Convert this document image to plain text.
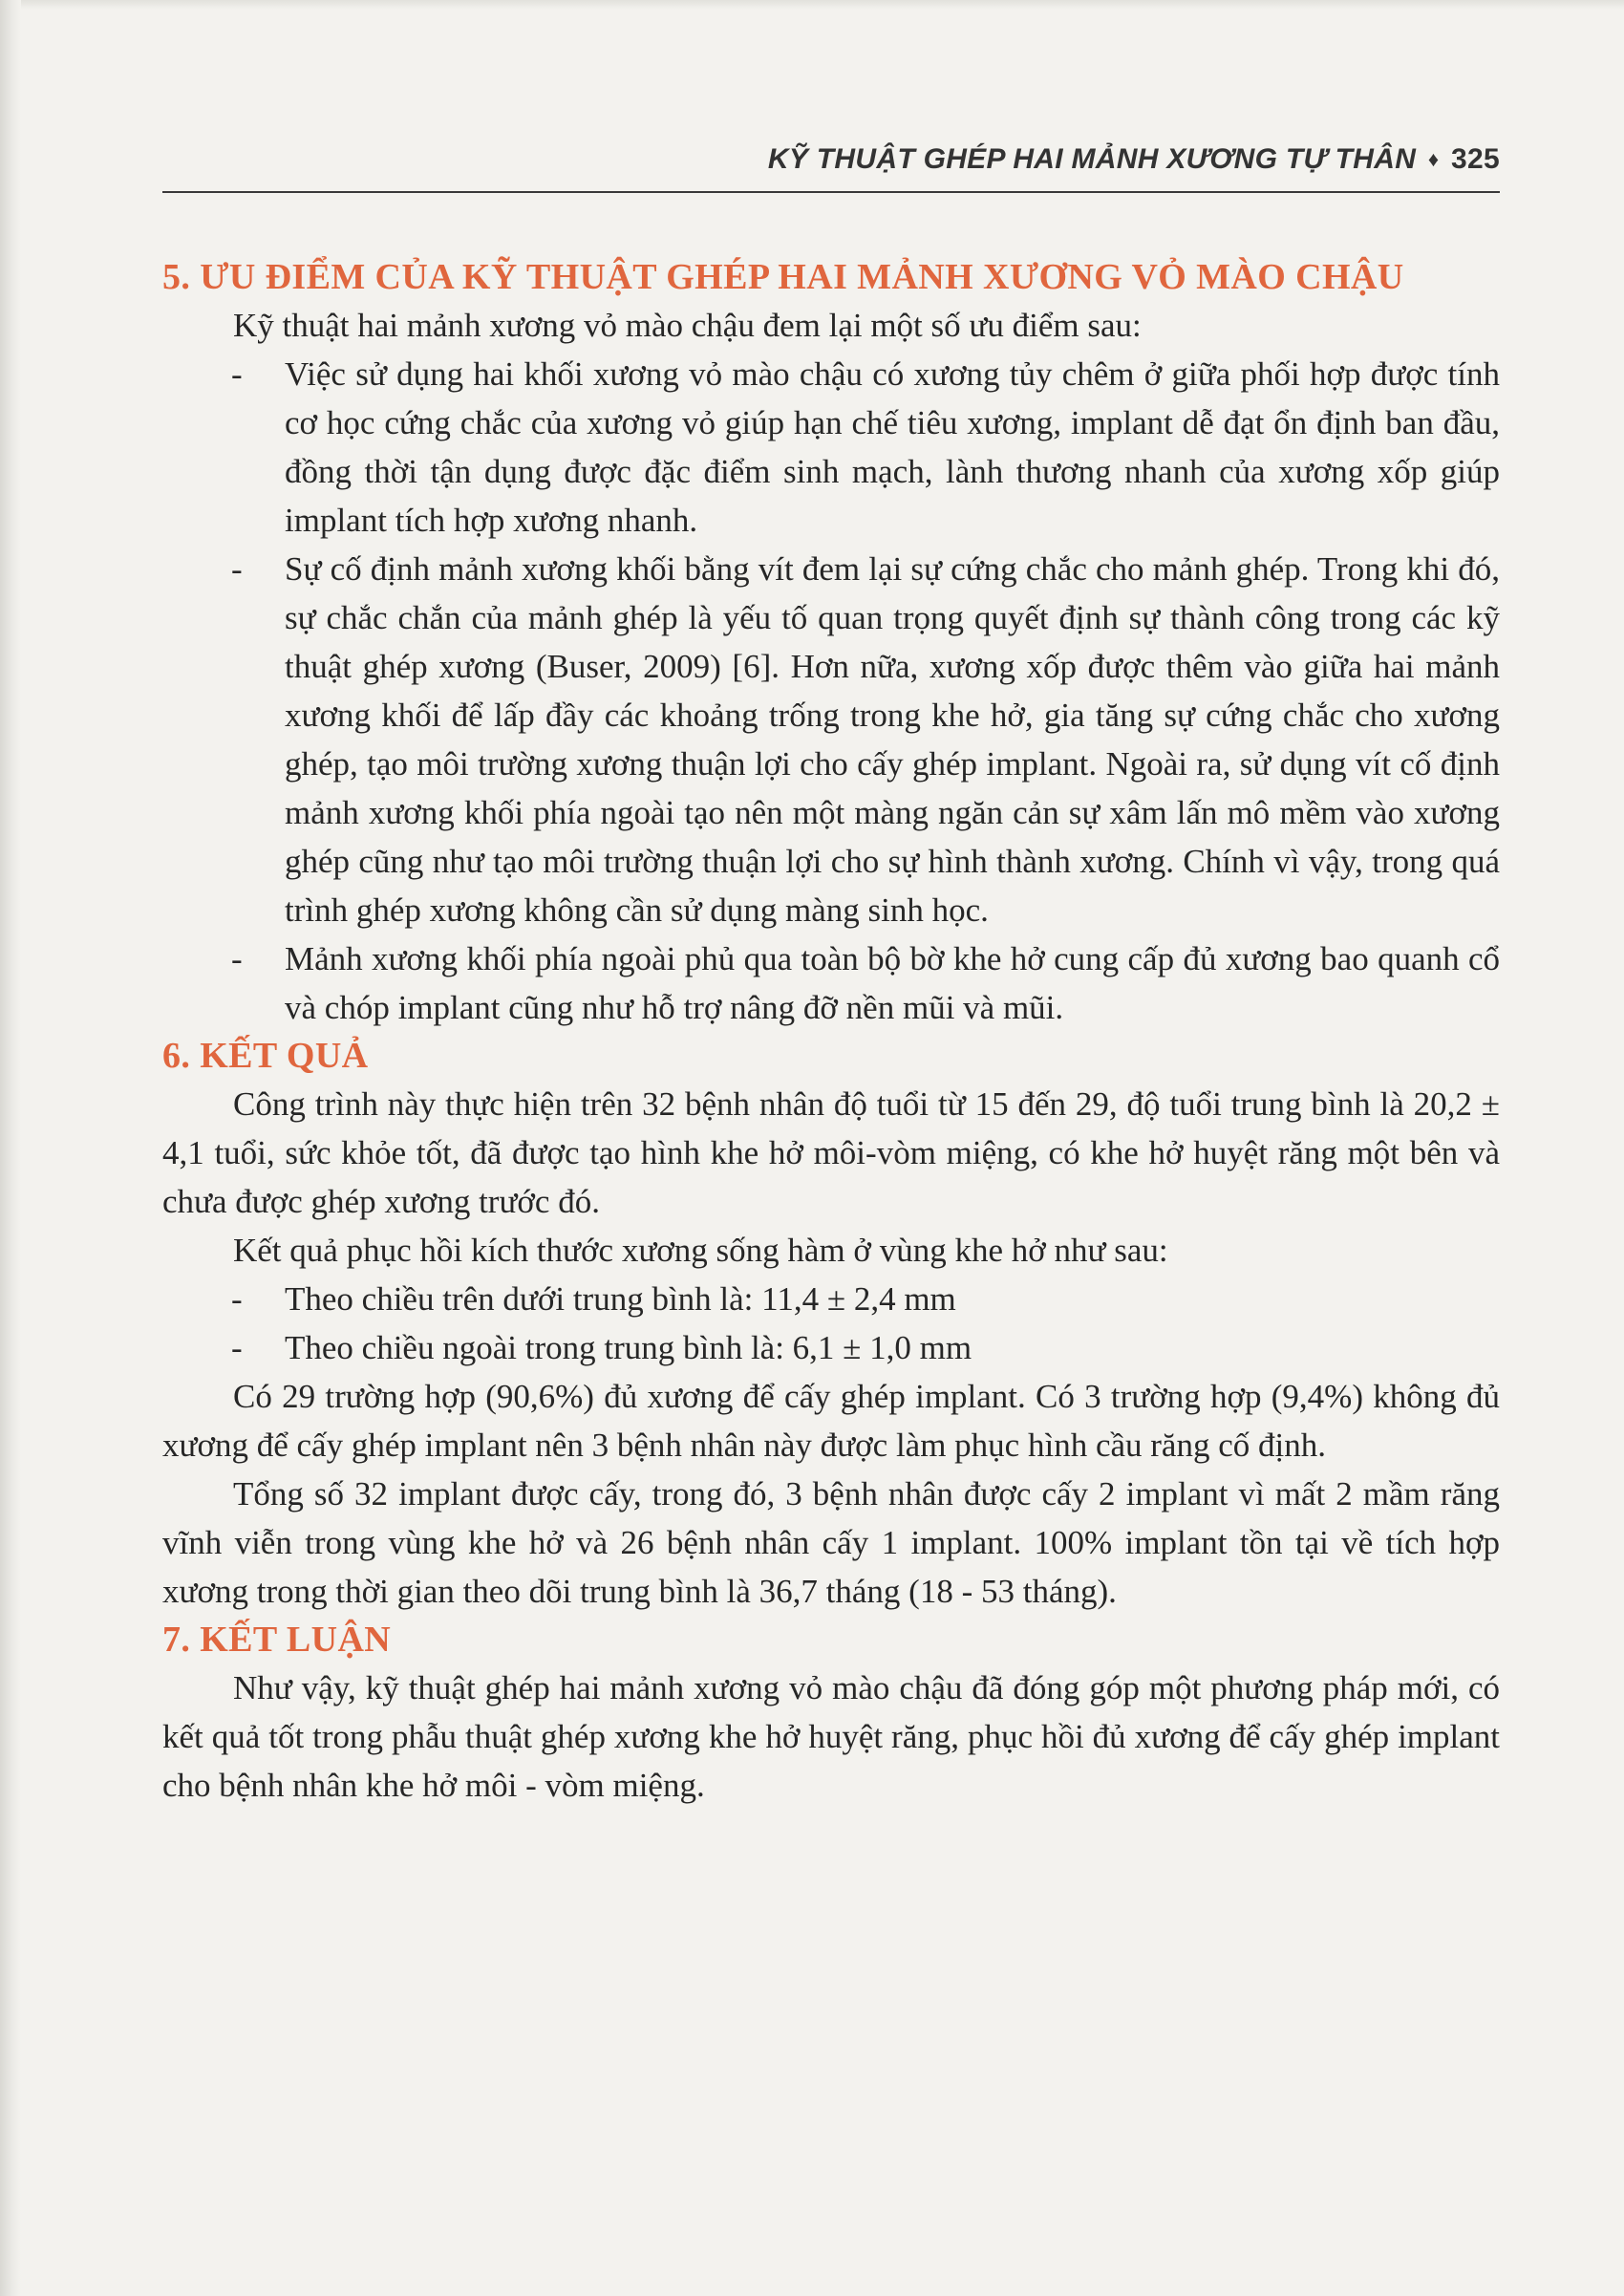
KỸ THUẬT GHÉP HAI MẢNH XƯƠNG TỰ THÂN ♦ 325
5. ƯU ĐIỂM CỦA KỸ THUẬT GHÉP HAI MẢNH XƯƠNG VỎ MÀO CHẬU

Kỹ thuật hai mảnh xương vỏ mào chậu đem lại một số ưu điểm sau:

- Việc sử dụng hai khối xương vỏ mào chậu có xương tủy chêm ở giữa phối hợp được tính cơ học cứng chắc của xương vỏ giúp hạn chế tiêu xương, implant dễ đạt ổn định ban đầu, đồng thời tận dụng được đặc điểm sinh mạch, lành thương nhanh của xương xốp giúp implant tích hợp xương nhanh.
- Sự cố định mảnh xương khối bằng vít đem lại sự cứng chắc cho mảnh ghép. Trong khi đó, sự chắc chắn của mảnh ghép là yếu tố quan trọng quyết định sự thành công trong các kỹ thuật ghép xương (Buser, 2009) [6]. Hơn nữa, xương xốp được thêm vào giữa hai mảnh xương khối để lấp đầy các khoảng trống trong khe hở, gia tăng sự cứng chắc cho xương ghép, tạo môi trường xương thuận lợi cho cấy ghép implant. Ngoài ra, sử dụng vít cố định mảnh xương khối phía ngoài tạo nên một màng ngăn cản sự xâm lấn mô mềm vào xương ghép cũng như tạo môi trường thuận lợi cho sự hình thành xương. Chính vì vậy, trong quá trình ghép xương không cần sử dụng màng sinh học.
- Mảnh xương khối phía ngoài phủ qua toàn bộ bờ khe hở cung cấp đủ xương bao quanh cổ và chóp implant cũng như hỗ trợ nâng đỡ nền mũi và mũi.
6. KẾT QUẢ

Công trình này thực hiện trên 32 bệnh nhân độ tuổi từ 15 đến 29, độ tuổi trung bình là 20,2 ± 4,1 tuổi, sức khỏe tốt, đã được tạo hình khe hở môi-vòm miệng, có khe hở huyệt răng một bên và chưa được ghép xương trước đó.

Kết quả phục hồi kích thước xương sống hàm ở vùng khe hở như sau:

- Theo chiều trên dưới trung bình là: 11,4 ± 2,4 mm
- Theo chiều ngoài trong trung bình là: 6,1 ± 1,0 mm

Có 29 trường hợp (90,6%) đủ xương để cấy ghép implant. Có 3 trường hợp (9,4%) không đủ xương để cấy ghép implant nên 3 bệnh nhân này được làm phục hình cầu răng cố định.

Tổng số 32 implant được cấy, trong đó, 3 bệnh nhân được cấy 2 implant vì mất 2 mầm răng vĩnh viễn trong vùng khe hở và 26 bệnh nhân cấy 1 implant. 100% implant tồn tại về tích hợp xương trong thời gian theo dõi trung bình là 36,7 tháng (18 - 53 tháng).

7. KẾT LUẬN

Như vậy, kỹ thuật ghép hai mảnh xương vỏ mào chậu đã đóng góp một phương pháp mới, có kết quả tốt trong phẫu thuật ghép xương khe hở huyệt răng, phục hồi đủ xương để cấy ghép implant cho bệnh nhân khe hở môi - vòm miệng.
